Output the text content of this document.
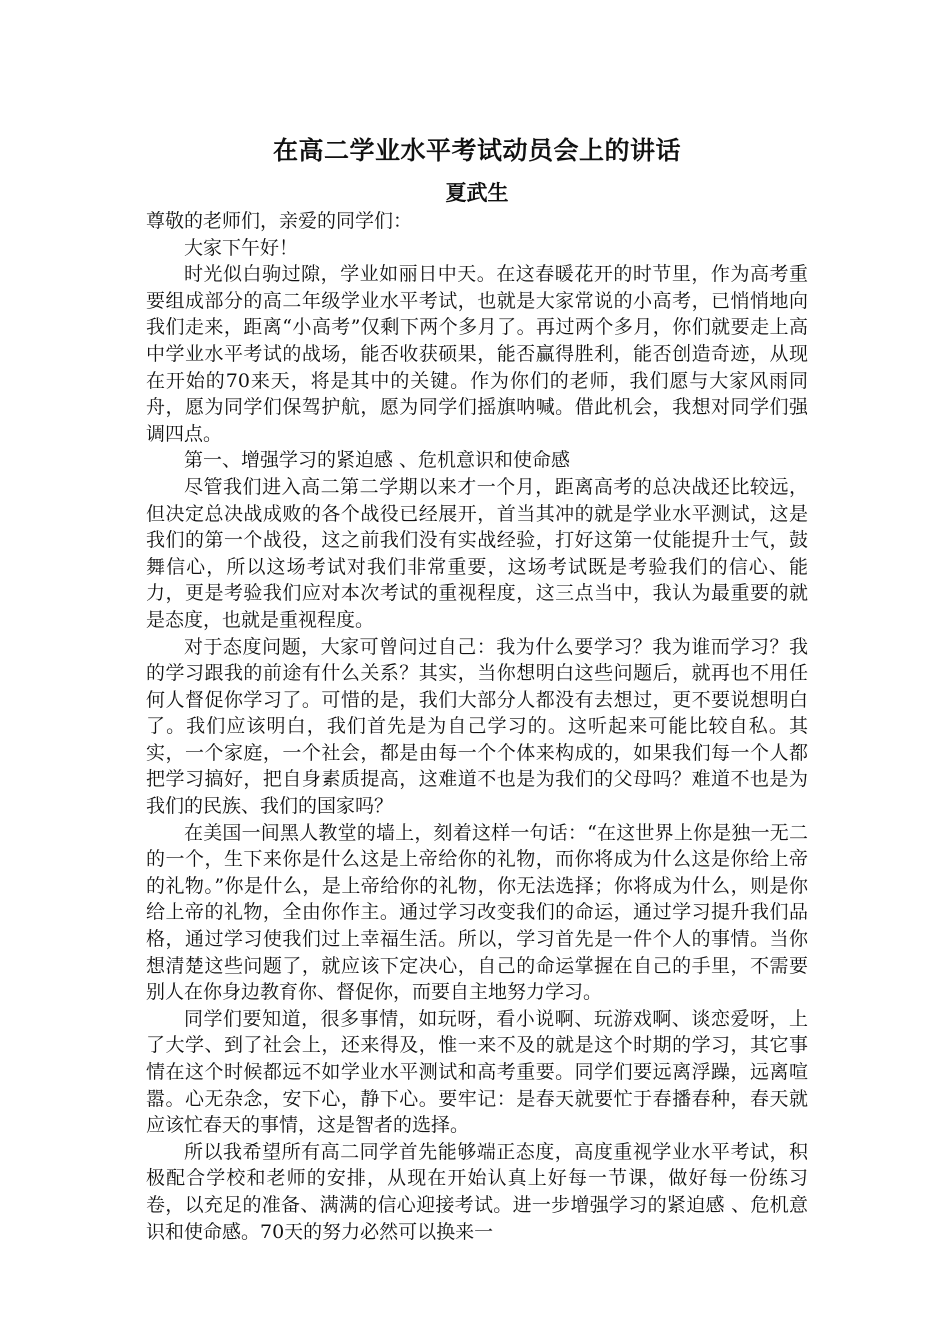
在高二学业水平考试动员会上的讲话
夏武生

尊敬的老师们，亲爱的同学们：

大家下午好！

时光似白驹过隙，学业如丽日中天。在这春暖花开的时节里，作为高考重要组成部分的高二年级学业水平考试，也就是大家常说的小高考，已悄悄地向我们走来，距离“小高考”仅剩下两个多月了。再过两个多月，你们就要走上高中学业水平考试的战场，能否收获硕果，能否赢得胜利，能否创造奇迹，从现在开始的70来天，将是其中的关键。作为你们的老师，我们愿与大家风雨同舟，愿为同学们保驾护航，愿为同学们摇旗呐喊。借此机会，我想对同学们强调四点。

第一、增强学习的紧迫感 、危机意识和使命感

尽管我们进入高二第二学期以来才一个月，距离高考的总决战还比较远，但决定总决战成败的各个战役已经展开，首当其冲的就是学业水平测试，这是我们的第一个战役，这之前我们没有实战经验，打好这第一仗能提升士气，鼓舞信心，所以这场考试对我们非常重要，这场考试既是考验我们的信心、能力，更是考验我们应对本次考试的重视程度，这三点当中，我认为最重要的就是态度，也就是重视程度。

对于态度问题，大家可曾问过自己：我为什么要学习？我为谁而学习？我的学习跟我的前途有什么关系？其实，当你想明白这些问题后，就再也不用任何人督促你学习了。可惜的是，我们大部分人都没有去想过，更不要说想明白了。我们应该明白，我们首先是为自己学习的。这听起来可能比较自私。其实，一个家庭，一个社会，都是由每一个个体来构成的，如果我们每一个人都把学习搞好，把自身素质提高，这难道不也是为我们的父母吗？难道不也是为我们的民族、我们的国家吗？

在美国一间黑人教堂的墙上，刻着这样一句话：“在这世界上你是独一无二的一个，生下来你是什么这是上帝给你的礼物，而你将成为什么这是你给上帝的礼物。”你是什么，是上帝给你的礼物，你无法选择；你将成为什么，则是你给上帝的礼物，全由你作主。通过学习改变我们的命运，通过学习提升我们品格，通过学习使我们过上幸福生活。所以，学习首先是一件个人的事情。当你想清楚这些问题了，就应该下定决心，自己的命运掌握在自己的手里，不需要别人在你身边教育你、督促你，而要自主地努力学习。

同学们要知道，很多事情，如玩呀，看小说啊、玩游戏啊、谈恋爱呀，上了大学、到了社会上，还来得及，惟一来不及的就是这个时期的学习，其它事情在这个时候都远不如学业水平测试和高考重要。同学们要远离浮躁，远离喧嚣。心无杂念，安下心，静下心。要牢记：是春天就要忙于春播春种，春天就应该忙春天的事情，这是智者的选择。

所以我希望所有高二同学首先能够端正态度，高度重视学业水平考试，积极配合学校和老师的安排，从现在开始认真上好每一节课，做好每一份练习卷，以充足的准备、满满的信心迎接考试。进一步增强学习的紧迫感 、危机意识和使命感。70天的努力必然可以换来一
